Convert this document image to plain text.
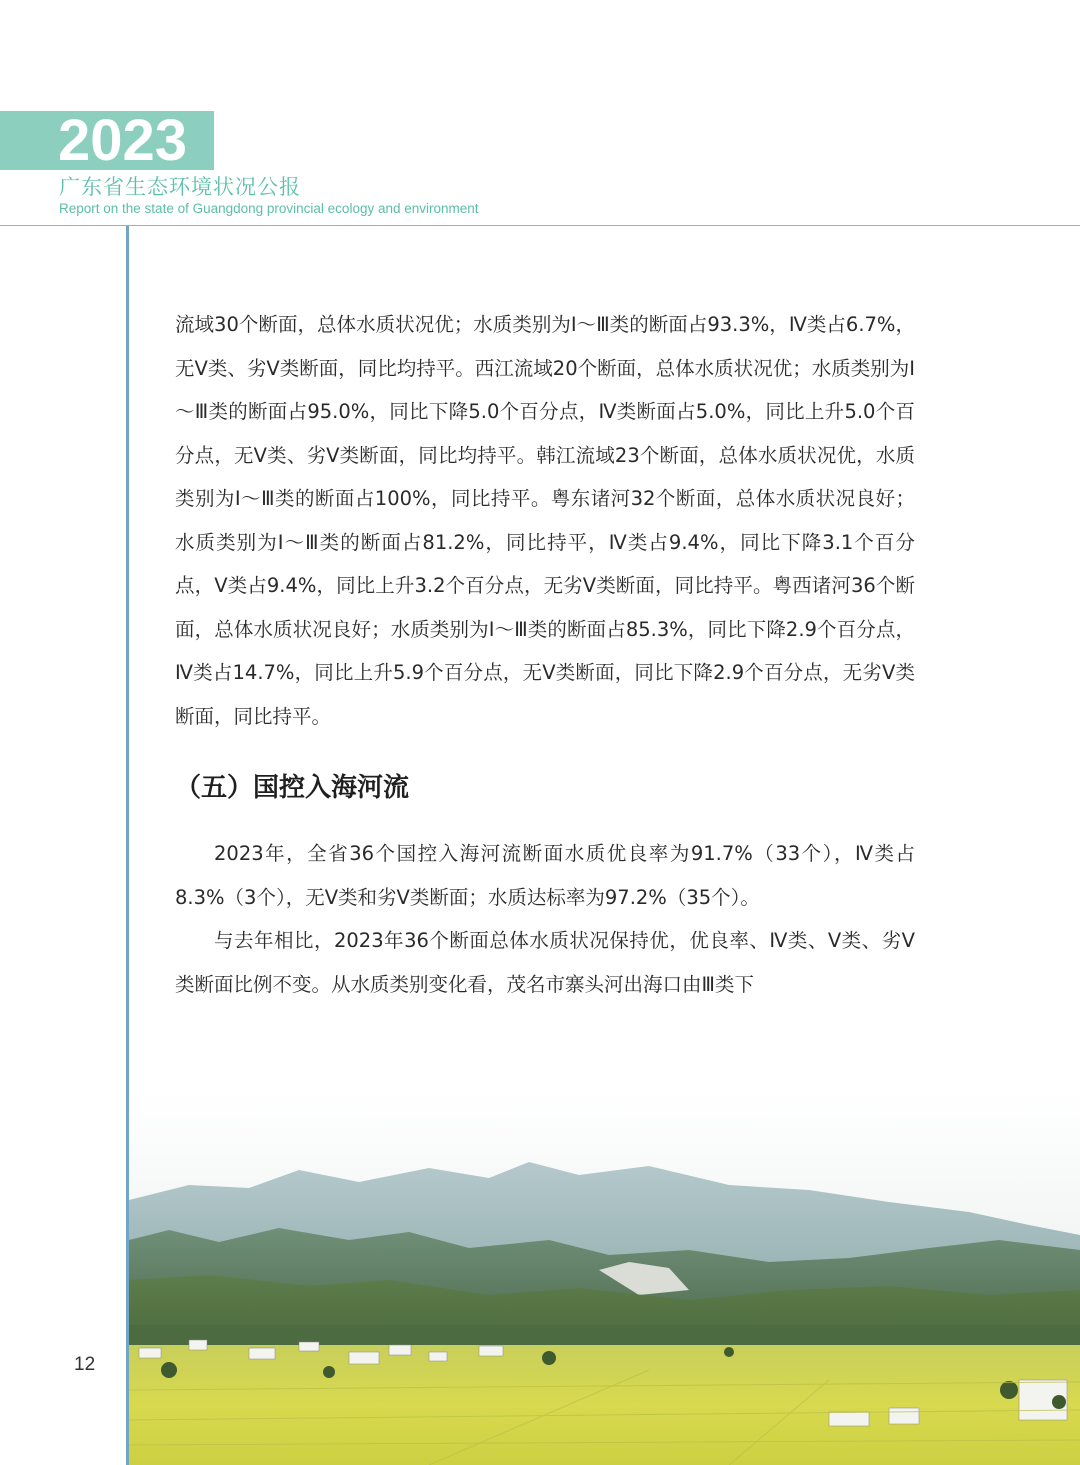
2023
广东省生态环境状况公报
Report on the state of Guangdong provincial ecology and environment

流域30个断面，总体水质状况优；水质类别为Ⅰ～Ⅲ类的断面占93.3%，Ⅳ类占6.7%，无Ⅴ类、劣Ⅴ类断面，同比均持平。西江流域20个断面，总体水质状况优；水质类别为Ⅰ～Ⅲ类的断面占95.0%，同比下降5.0个百分点，Ⅳ类断面占5.0%，同比上升5.0个百分点，无Ⅴ类、劣Ⅴ类断面，同比均持平。韩江流域23个断面，总体水质状况优，水质类别为Ⅰ～Ⅲ类的断面占100%，同比持平。粤东诸河32个断面，总体水质状况良好；水质类别为Ⅰ～Ⅲ类的断面占81.2%，同比持平，Ⅳ类占9.4%，同比下降3.1个百分点，Ⅴ类占9.4%，同比上升3.2个百分点，无劣Ⅴ类断面，同比持平。粤西诸河36个断面，总体水质状况良好；水质类别为Ⅰ～Ⅲ类的断面占85.3%，同比下降2.9个百分点，Ⅳ类占14.7%，同比上升5.9个百分点，无Ⅴ类断面，同比下降2.9个百分点，无劣Ⅴ类断面，同比持平。

（五）国控入海河流

2023年，全省36个国控入海河流断面水质优良率为91.7%（33个），Ⅳ类占8.3%（3个），无Ⅴ类和劣Ⅴ类断面；水质达标率为97.2%（35个）。

与去年相比，2023年36个断面总体水质状况保持优，优良率、Ⅳ类、Ⅴ类、劣Ⅴ类断面比例不变。从水质类别变化看，茂名市寨头河出海口由Ⅲ类下

12
